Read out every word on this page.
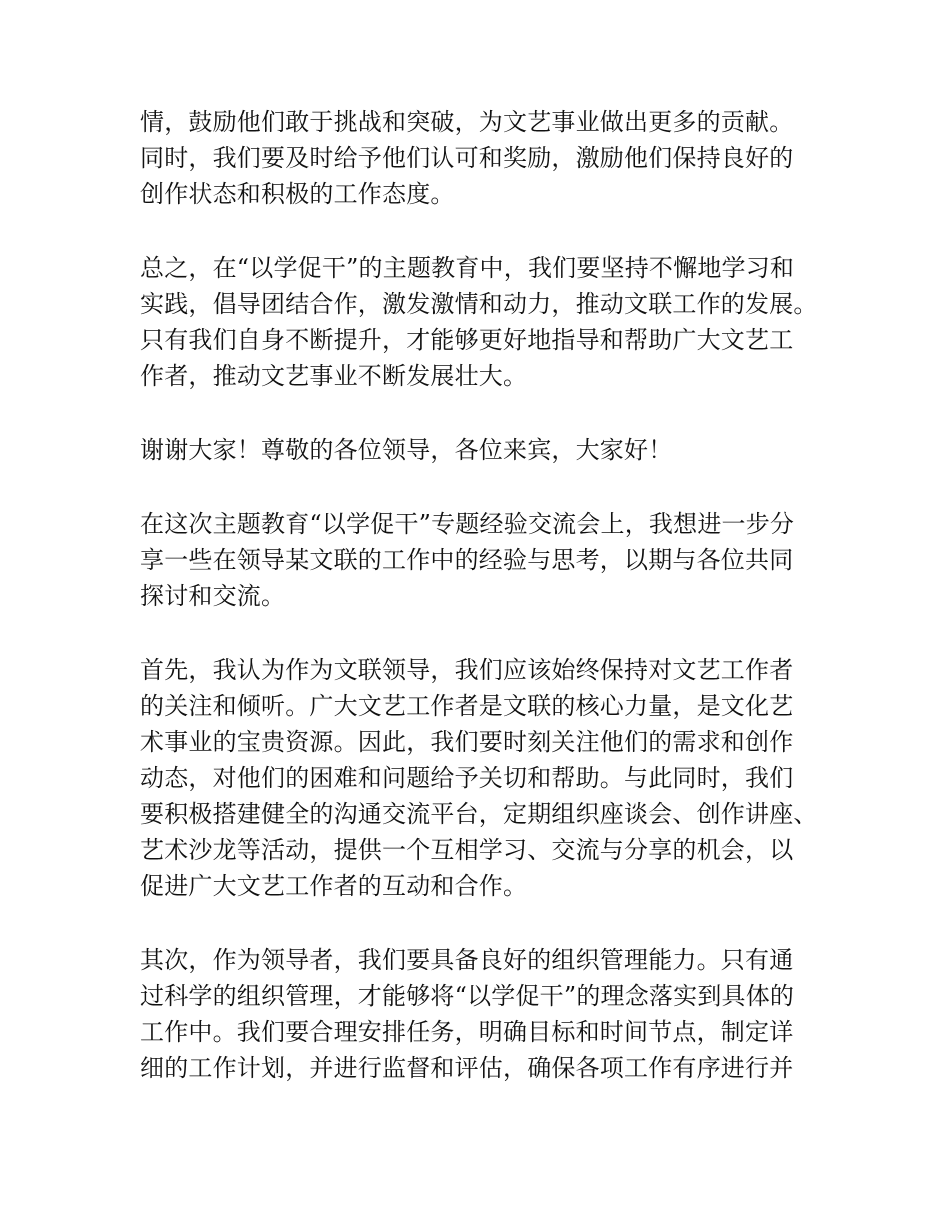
情，鼓励他们敢于挑战和突破，为文艺事业做出更多的贡献。
同时，我们要及时给予他们认可和奖励，激励他们保持良好的
创作状态和积极的工作态度。
总之，在“以学促干”的主题教育中，我们要坚持不懈地学习和
实践，倡导团结合作，激发激情和动力，推动文联工作的发展。
只有我们自身不断提升，才能够更好地指导和帮助广大文艺工
作者，推动文艺事业不断发展壮大。
谢谢大家！尊敬的各位领导，各位来宾，大家好！
在这次主题教育“以学促干”专题经验交流会上，我想进一步分
享一些在领导某文联的工作中的经验与思考，以期与各位共同
探讨和交流。
首先，我认为作为文联领导，我们应该始终保持对文艺工作者
的关注和倾听。广大文艺工作者是文联的核心力量，是文化艺
术事业的宝贵资源。因此，我们要时刻关注他们的需求和创作
动态，对他们的困难和问题给予关切和帮助。与此同时，我们
要积极搭建健全的沟通交流平台，定期组织座谈会、创作讲座、
艺术沙龙等活动，提供一个互相学习、交流与分享的机会，以
促进广大文艺工作者的互动和合作。
其次，作为领导者，我们要具备良好的组织管理能力。只有通
过科学的组织管理，才能够将“以学促干”的理念落实到具体的
工作中。我们要合理安排任务，明确目标和时间节点，制定详
细的工作计划，并进行监督和评估，确保各项工作有序进行并
